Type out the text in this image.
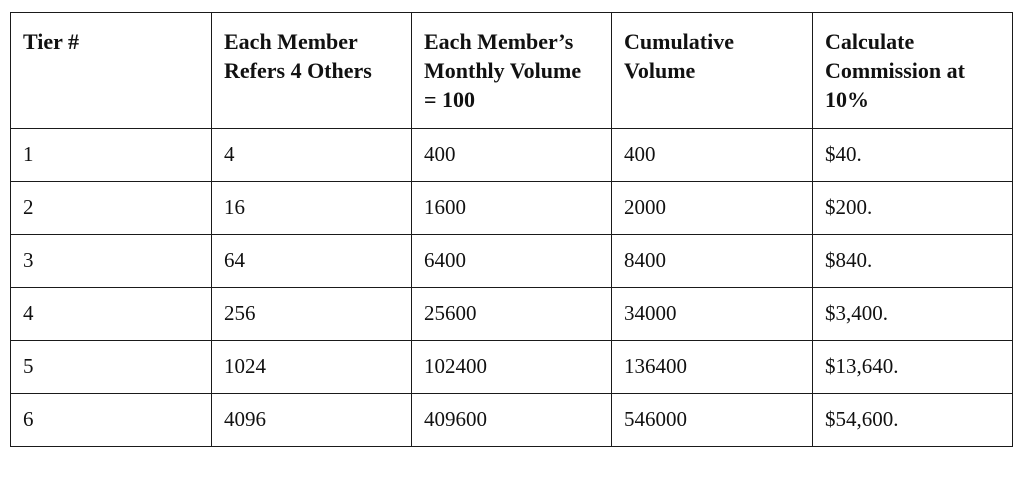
Tier #	Each Member Refers 4 Others	Each Member’s Monthly Volume = 100	Cumulative Volume	Calculate Commission at 10%
1	4	400	400	$40.
2	16	1600	2000	$200.
3	64	6400	8400	$840.
4	256	25600	34000	$3,400.
5	1024	102400	136400	$13,640.
6	4096	409600	546000	$54,600.
